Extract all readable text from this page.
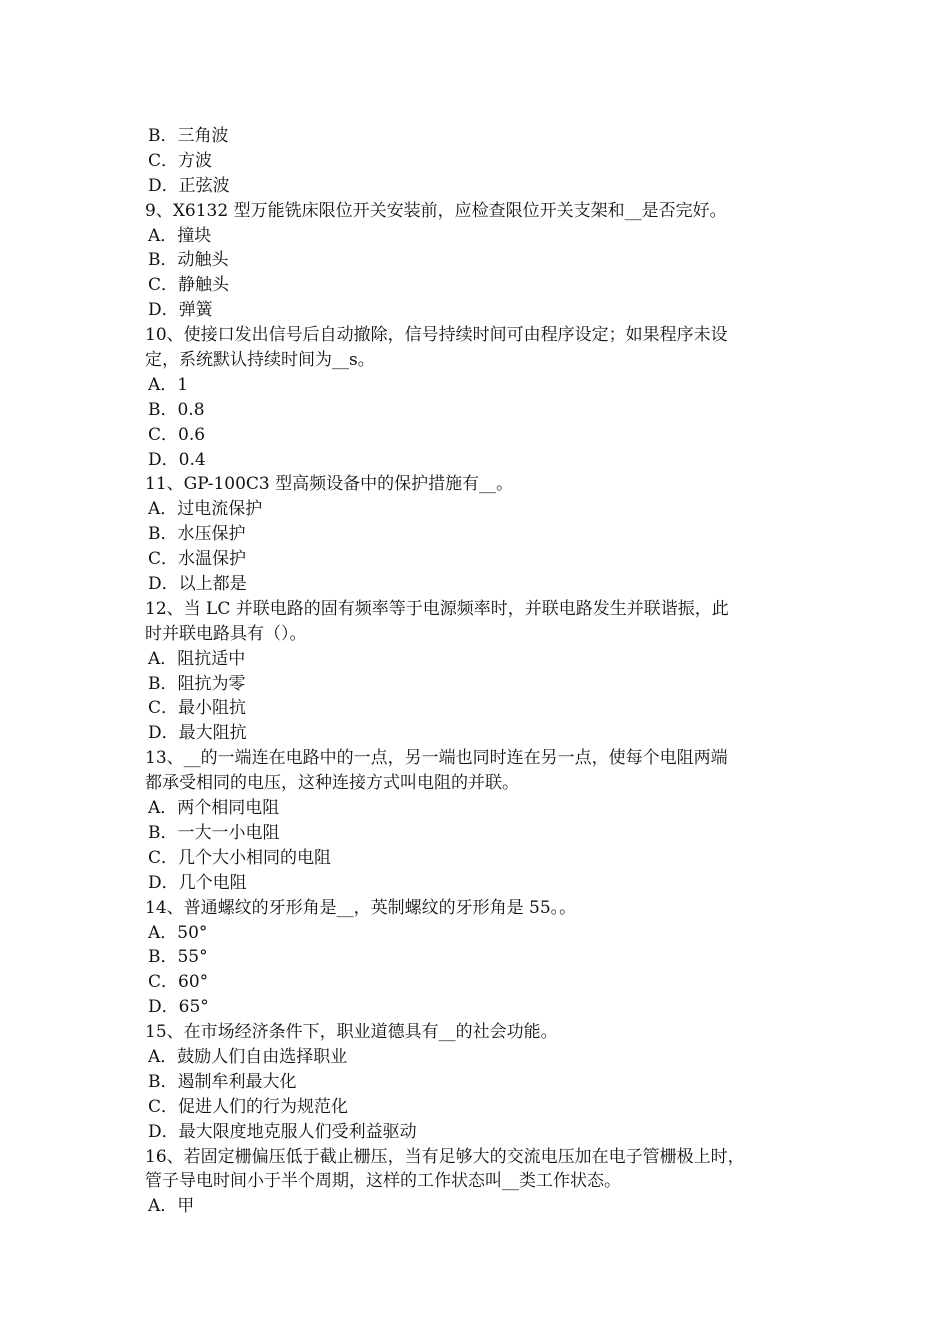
B．三角波
C．方波
D．正弦波
9、X6132 型万能铣床限位开关安装前，应检查限位开关支架和__是否完好。
A．撞块
B．动触头
C．静触头
D．弹簧
10、使接口发出信号后自动撤除，信号持续时间可由程序设定；如果程序未设
定，系统默认持续时间为__s。
A．1
B．0.8
C．0.6
D．0.4
11、GP-100C3 型高频设备中的保护措施有__。
A．过电流保护
B．水压保护
C．水温保护
D．以上都是
12、当 LC 并联电路的固有频率等于电源频率时，并联电路发生并联谐振，此
时并联电路具有（）。
A．阻抗适中
B．阻抗为零
C．最小阻抗
D．最大阻抗
13、__的一端连在电路中的一点，另一端也同时连在另一点，使每个电阻两端
都承受相同的电压，这种连接方式叫电阻的并联。
A．两个相同电阻
B．一大一小电阻
C．几个大小相同的电阻
D．几个电阻
14、普通螺纹的牙形角是__，英制螺纹的牙形角是 55。。
A．50°
B．55°
C．60°
D．65°
15、在市场经济条件下，职业道德具有__的社会功能。
A．鼓励人们自由选择职业
B．遏制牟利最大化
C．促进人们的行为规范化
D．最大限度地克服人们受利益驱动
16、若固定栅偏压低于截止栅压，当有足够大的交流电压加在电子管栅极上时，
管子导电时间小于半个周期，这样的工作状态叫__类工作状态。
A．甲
